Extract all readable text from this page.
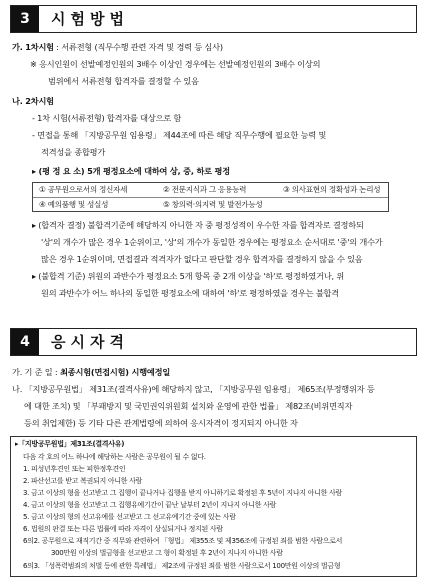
3	시험방법
가. 1차시험 : 서류전형 (직무수행 관련 자격 및 경력 등 심사)
※ 응시인원이 선발예정인원의 3배수 이상인 경우에는 선발예정인원의 3배수 이상의
범위에서 서류전형 합격자를 결정할 수 있음
나. 2차시험
- 1차 시험(서류전형) 합격자를 대상으로 함
- 면접을 통해 「지방공무원 임용령」 제44조에 따른 해당 직무수행에 필요한 능력 및
적격성을 종합평가
▸ (평 정 요 소) 5개 평정요소에 대하여 상, 중, 하로 평정
① 공무원으로서의 정신자세	② 전문지식과 그 응용능력	③ 의사표현의 정확성과 논리성
④ 예의품행 및 성실성	⑤ 창의력·의지력 및 발전가능성
▸ (합격자 결정) 불합격기준에 해당하지 아니한 자 중 평정성적이 우수한 자를 합격자로 결정하되
'상'의 개수가 많은 경우 1순위이고, '상'의 개수가 동일한 경우에는 평정요소 순서대로 '중'의 개수가
많은 경우 1순위이며, 면접결과 적격자가 없다고 판단할 경우 합격자를 결정하지 않을 수 있음
▸ (불합격 기준) 위원의 과반수가 평정요소 5개 항목 중 2개 이상을 '하'로 평정하였거나, 위
원의 과반수가 어느 하나의 동일한 평정요소에 대하여 '하'로 평정하였을 경우는 불합격
4	응시자격
가. 기 준 일 : 최종시험(면접시험) 시행예정일
나. 「지방공무원법」 제31조(결격사유)에 해당하지 않고, 「지방공무원 임용령」 제65조(부정행위자 등
에 대한 조치) 및 「부패방지 및 국민권익위원회 설치와 운영에 관한 법률」 제82조(비위면직자
등의 취업제한) 등 기타 다른 관계법령에 의하여 응시자격이 정지되지 아니한 자
▸「지방공무원법」제31조(결격사유)
다음 각 호의 어느 하나에 해당하는 사람은 공무원이 될 수 없다.
1. 피성년후견인 또는 피한정후견인
2. 파산선고를 받고 복권되지 아니한 사람
3. 금고 이상의 형을 선고받고 그 집행이 끝나거나 집행을 받지 아니하기로 확정된 후 5년이 지나지 아니한 사람
4. 금고 이상의 형을 선고받고 그 집행유예기간이 끝난 날부터 2년이 지나지 아니한 사람
5. 금고 이상의 형의 선고유예를 선고받고 그 선고유예기간 중에 있는 사람
6. 법원의 판결 또는 다른 법률에 따라 자격이 상실되거나 정지된 사람
6의2. 공무원으로 재직기간 중 직무와 관련하여 「형법」 제355조 및 제356조에 규정된 죄를 범한 사람으로서
300만원 이상의 벌금형을 선고받고 그 형이 확정된 후 2년이 지나지 아니한 사람
6의3. 「성폭력범죄의 처벌 등에 관한 특례법」 제2조에 규정된 죄를 범한 사람으로서 100만원 이상의 벌금형
